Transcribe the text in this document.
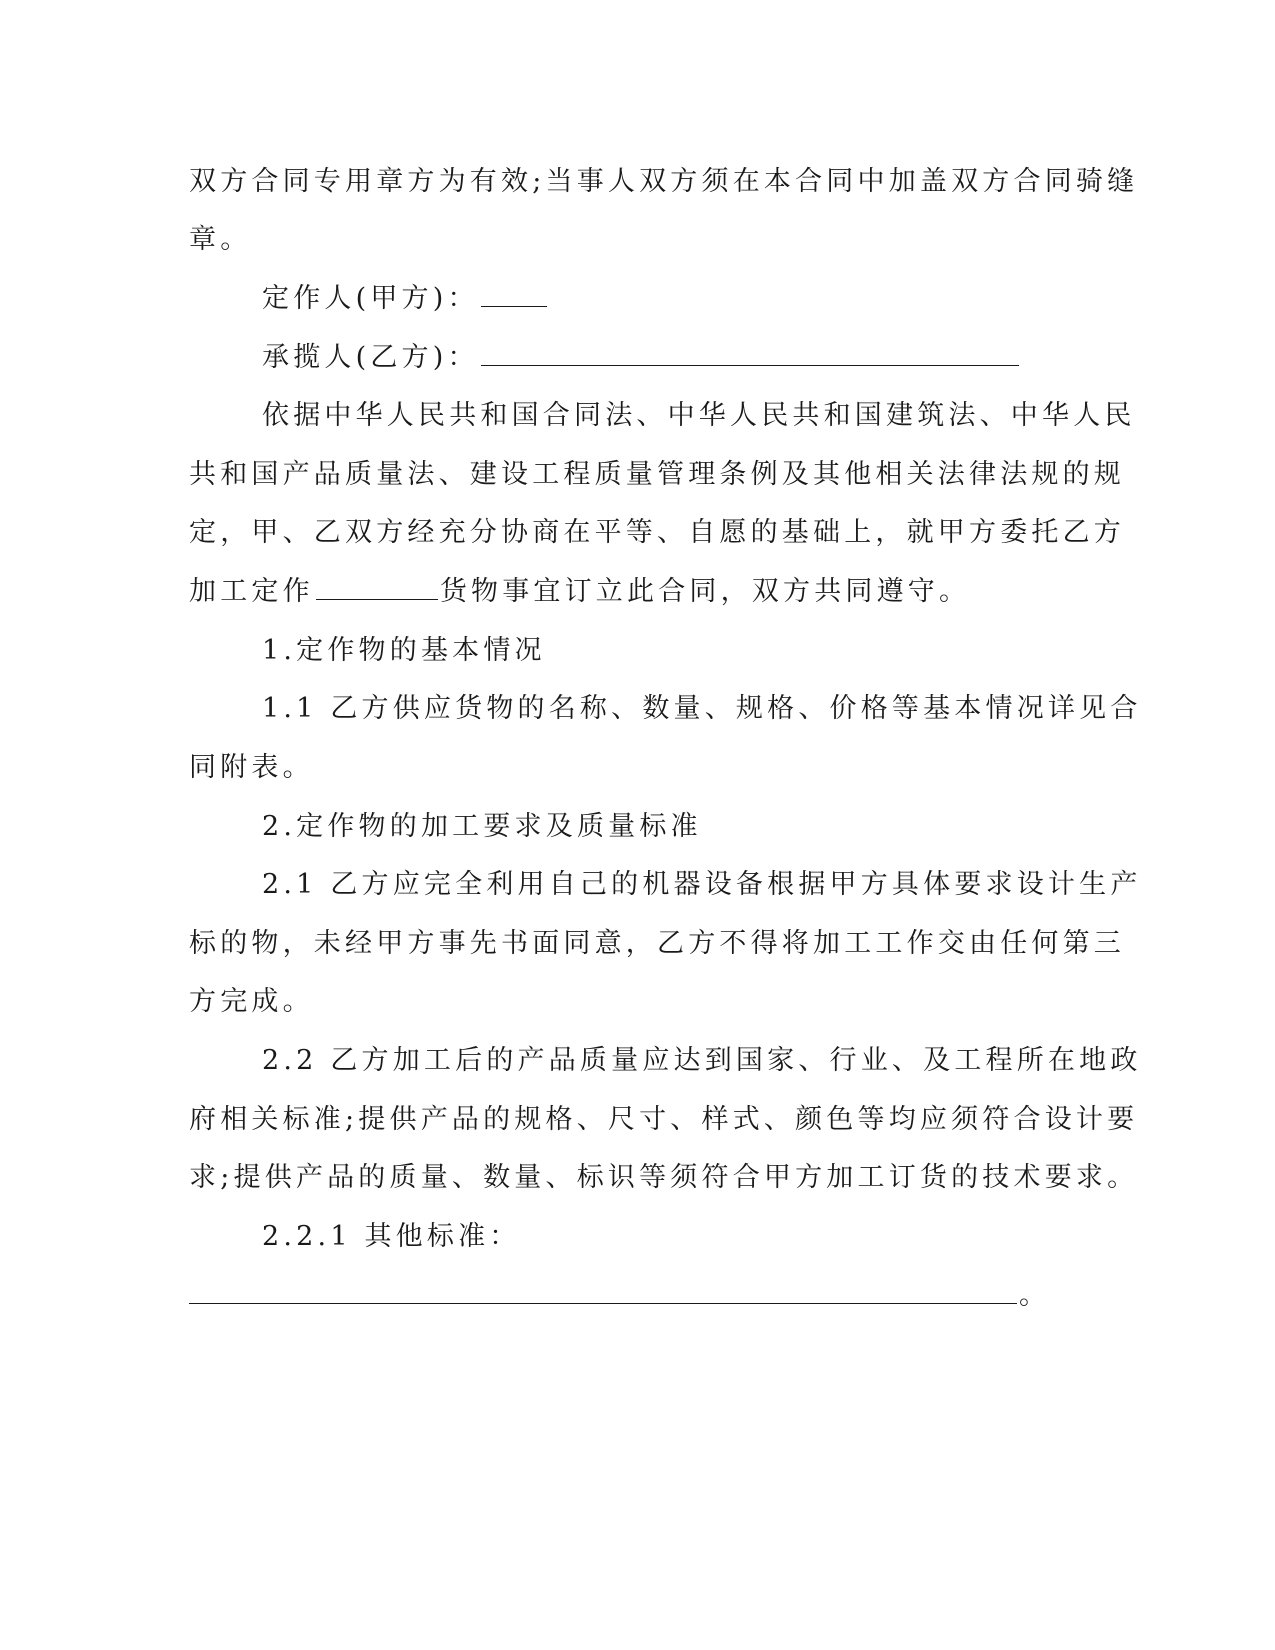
双方合同专用章方为有效;当事人双方须在本合同中加盖双方合同骑缝
章。
定作人(甲方)：
承揽人(乙方)：
依据中华人民共和国合同法、中华人民共和国建筑法、中华人民
共和国产品质量法、建设工程质量管理条例及其他相关法律法规的规
定，甲、乙双方经充分协商在平等、自愿的基础上，就甲方委托乙方
加工定作	货物事宜订立此合同，双方共同遵守。
1.定作物的基本情况
1.1 乙方供应货物的名称、数量、规格、价格等基本情况详见合
同附表。
2.定作物的加工要求及质量标准
2.1 乙方应完全利用自己的机器设备根据甲方具体要求设计生产
标的物，未经甲方事先书面同意，乙方不得将加工工作交由任何第三
方完成。
2.2 乙方加工后的产品质量应达到国家、行业、及工程所在地政
府相关标准;提供产品的规格、尺寸、样式、颜色等均应须符合设计要
求;提供产品的质量、数量、标识等须符合甲方加工订货的技术要求。
2.2.1 其他标准：
。
